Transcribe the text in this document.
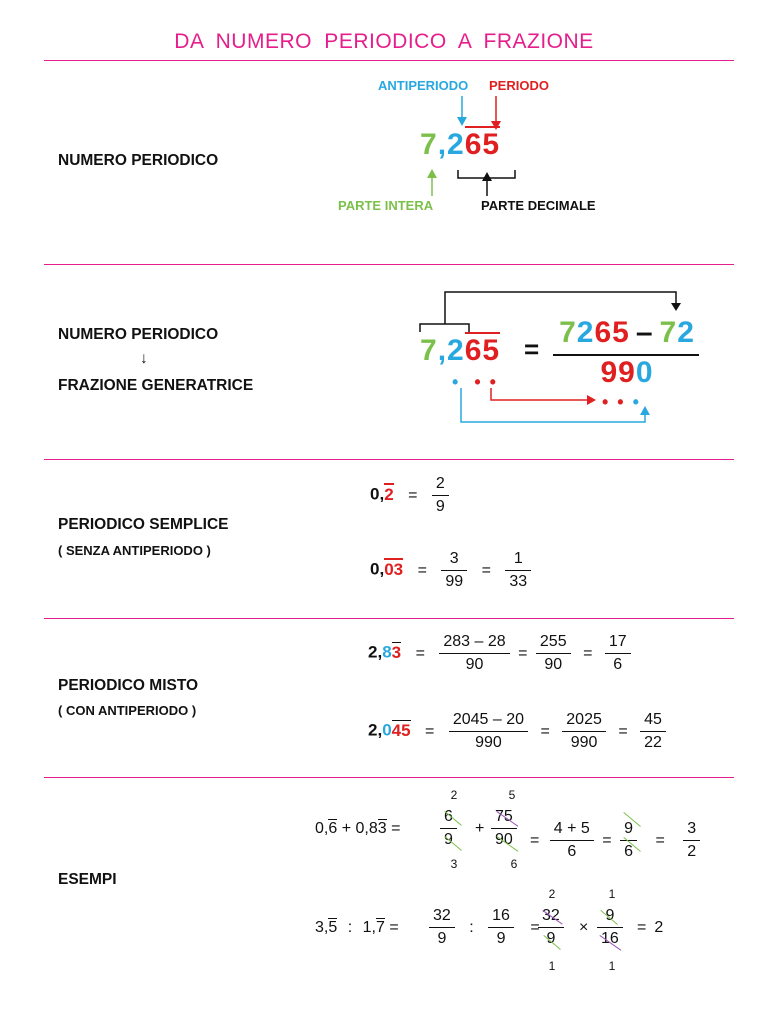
DA NUMERO PERIODICO A FRAZIONE
NUMERO PERIODICO
ANTIPERIODO PERIODO
7,265
PARTE INTERA	PARTE DECIMALE
NUMERO PERIODICO
↓
FRAZIONE GENERATRICE
7,265 = 7265 – 72
990
• • •
• • •
PERIODICO SEMPLICE
( SENZA ANTIPERIODO )
$0,2 = \frac{2}{9}$
$0,03 = \frac{3}{99} = \frac{1}{33}$
PERIODICO MISTO
( CON ANTIPERIODO )
$2,83 = \frac{283 - 28}{90} = \frac{255}{90} = \frac{17}{6}$
$2,045 = \frac{2045 - 20}{990} = \frac{2025}{990} = \frac{45}{22}$
ESEMPI
$0,6 + 0,83 = \frac{6}{9}$
2
3
+ $\frac{75}{90}$
5
6
= $\frac{4 + 5}{6} = \frac{9}{6} = \frac{3}{2}$
3,5 : $1,7 = \frac{32}{9}$ : $\frac{16}{9}$ =
$\frac{32}{9}$
2
1
× $\frac{9}{16}$
1
1
= 2
